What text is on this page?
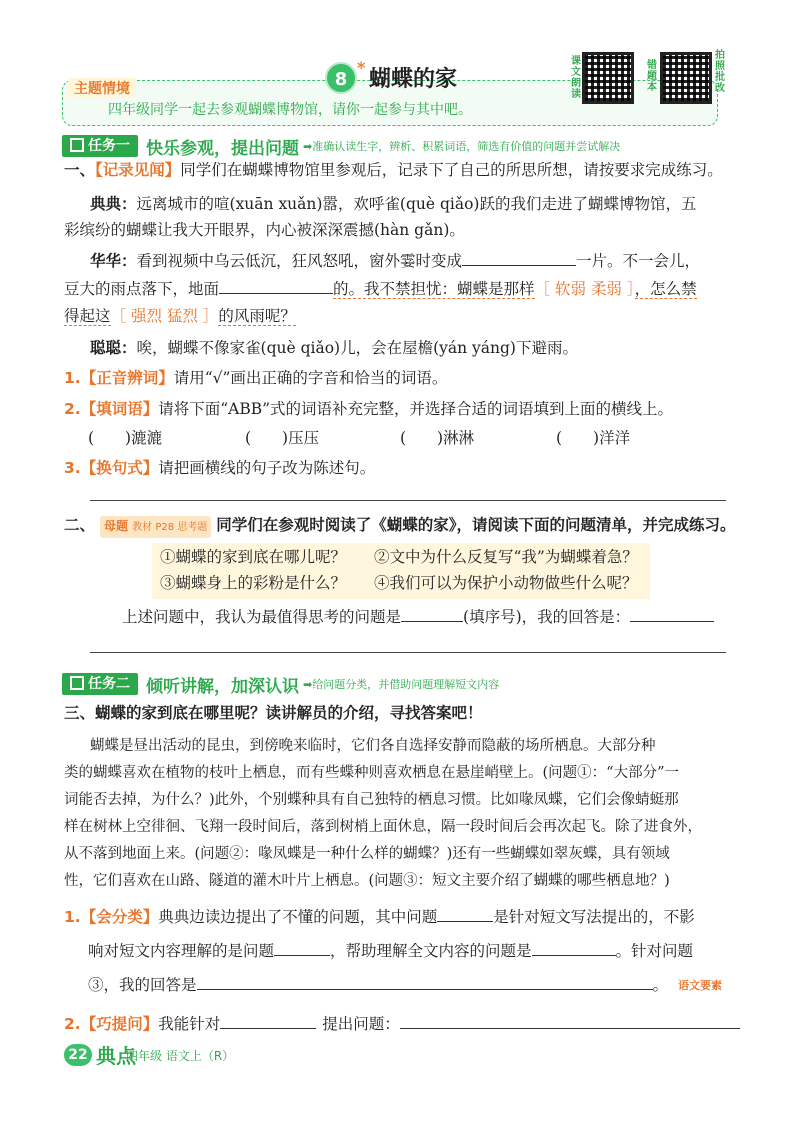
主题情境
四年级同学一起去参观蝴蝶博物馆，请你一起参与其中吧。
8
* 蝴蝶的家
课文朗读
错题本
拍照批改
任务一 快乐参观，提出问题 ➡准确认读生字，辨析、积累词语，筛选有价值的问题并尝试解决
一、【记录见闻】同学们在蝴蝶博物馆里参观后，记录下了自己的所思所想，请按要求完成练习。
典典：远离城市的喧(xuān xuǎn)嚣，欢呼雀(què qiǎo)跃的我们走进了蝴蝶博物馆，五
彩缤纷的蝴蝶让我大开眼界，内心被深深震撼(hàn gǎn)。
华华：看到视频中乌云低沉，狂风怒吼，窗外霎时变成	一片。不一会儿，
豆大的雨点落下，地面	的。我不禁担忧：蝴蝶是那样［ 软弱 柔弱 ］，怎么禁
得起这［ 强烈 猛烈 ］的风雨呢？
聪聪：唉，蝴蝶不像家雀(què qiǎo)儿，会在屋檐(yán yáng)下避雨。
1.【正音辨词】请用“√”画出正确的字音和恰当的词语。
2.【填词语】请将下面“ABB”式的词语补充完整，并选择合适的词语填到上面的横线上。
(　　)漉漉	(　　)压压	(　　)淋淋	(　　)洋洋
3.【换句式】请把画横线的句子改为陈述句。
二、 母题 教材 P28 思考题 同学们在参观时阅读了《蝴蝶的家》，请阅读下面的问题清单，并完成练习。
①蝴蝶的家到底在哪儿呢？ ②文中为什么反复写“我”为蝴蝶着急？
③蝴蝶身上的彩粉是什么？ ④我们可以为保护小动物做些什么呢？
上述问题中，我认为最值得思考的问题是	(填序号)，我的回答是：
任务二 倾听讲解，加深认识 ➡给问题分类，并借助问题理解短文内容
三、蝴蝶的家到底在哪里呢？读讲解员的介绍，寻找答案吧！
蝴蝶是昼出活动的昆虫，到傍晚来临时，它们各自选择安静而隐蔽的场所栖息。大部分种
类的蝴蝶喜欢在植物的枝叶上栖息，而有些蝶种则喜欢栖息在悬崖峭壁上。(问题①：“大部分”一
词能否去掉，为什么？)此外，个别蝶种具有自己独特的栖息习惯。比如喙凤蝶，它们会像蜻蜓那
样在树林上空徘徊、飞翔一段时间后，落到树梢上面休息，隔一段时间后会再次起飞。除了进食外，
从不落到地面上来。(问题②：喙凤蝶是一种什么样的蝴蝶？)还有一些蝴蝶如翠灰蝶，具有领域
性，它们喜欢在山路、隧道的灌木叶片上栖息。(问题③：短文主要介绍了蝴蝶的哪些栖息地？)
1.【会分类】典典边读边提出了不懂的问题，其中问题	是针对短文写法提出的，不影
响对短文内容理解的是问题	，帮助理解全文内容的问题是	。针对问题
③，我的回答是	。 语文要素
2.【巧提问】我能针对	提出问题：
22 典点
四年级 语文上（R）
